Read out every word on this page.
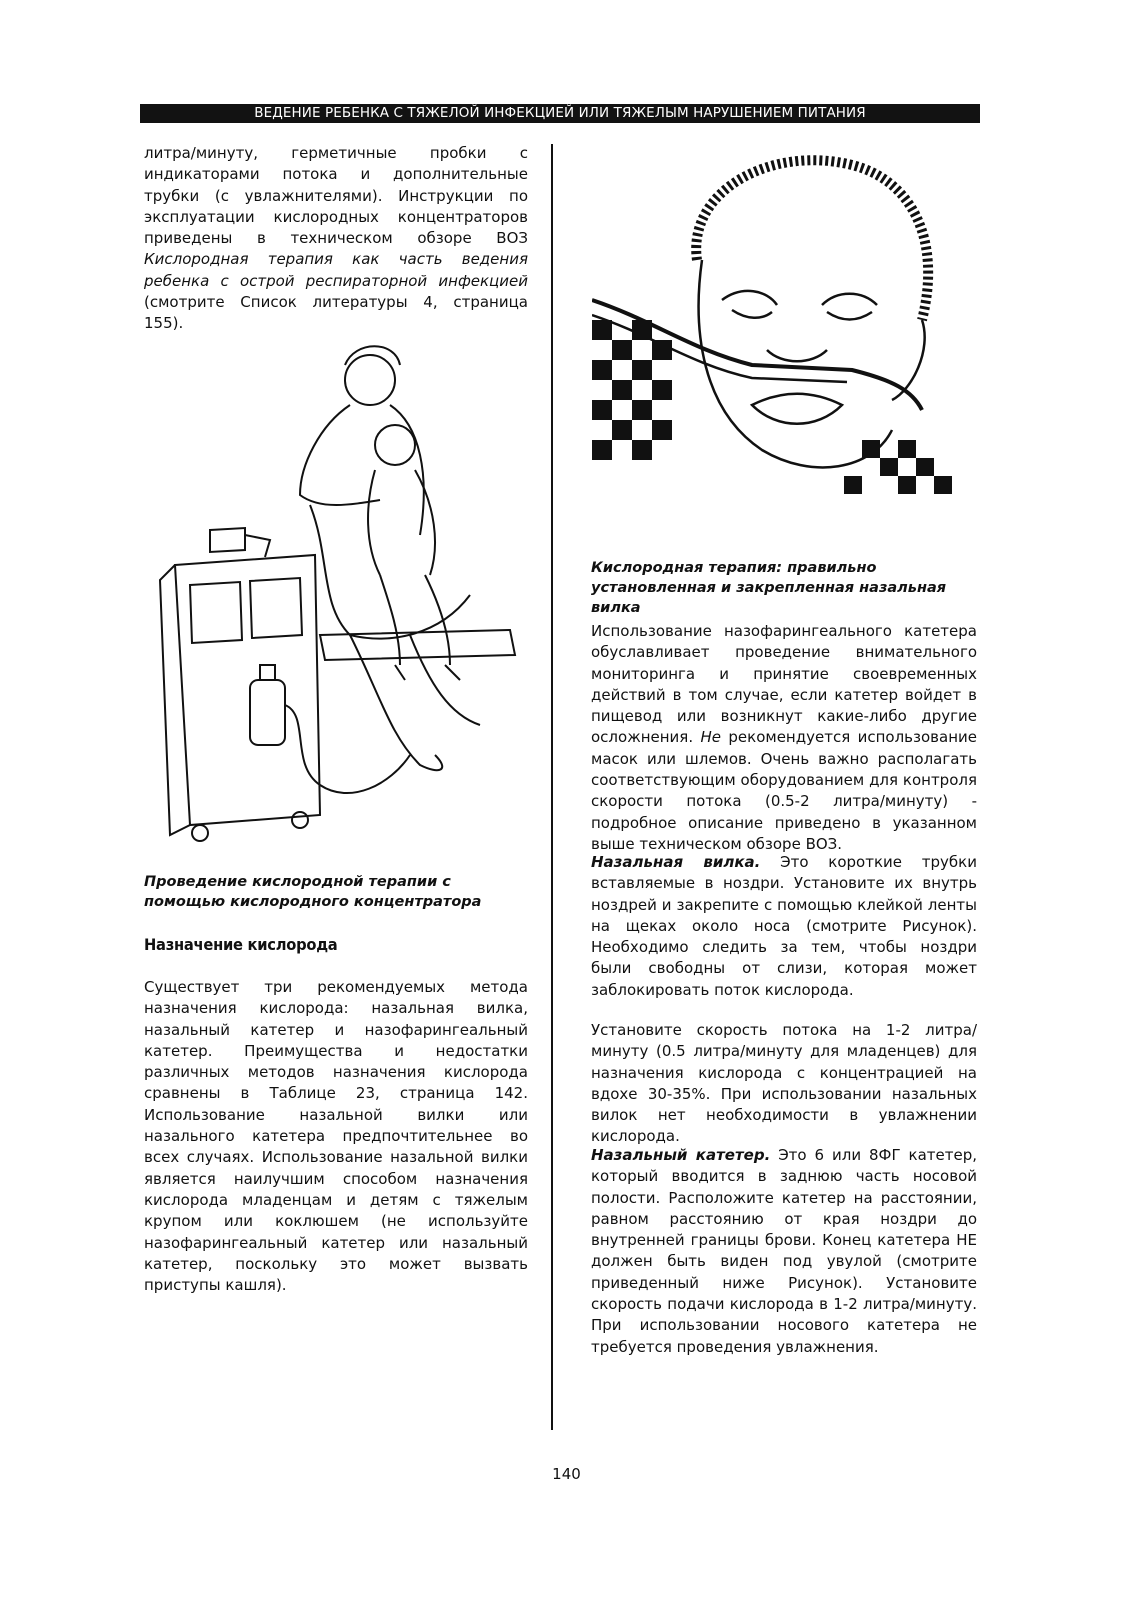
ВЕДЕНИЕ РЕБЕНКА С ТЯЖЕЛОЙ ИНФЕКЦИЕЙ ИЛИ ТЯЖЕЛЫМ НАРУШЕНИЕМ ПИТАНИЯ

литра/минуту, герметичные пробки с индикаторами потока и дополнительные трубки (с увлажнителями). Инструкции по эксплуатации кислородных концентраторов приведены в техническом обзоре ВОЗ Кислородная терапия как часть ведения ребенка с острой респираторной инфекцией (смотрите Список литературы 4, страница 155).

Проведение кислородной терапии с помощью кислородного концентратора
Назначение кислорода

Существует три рекомендуемых метода назначения кислорода: назальная вилка, назальный катетер и назофарингеальный катетер. Преимущества и недостатки различных методов назначения кислорода сравнены в Таблице 23, страница 142. Использование назальной вилки или назального катетера предпочтительнее во всех случаях. Использование назальной вилки является наилучшим способом назначения кислорода младенцам и детям с тяжелым крупом или коклюшем (не используйте назофарингеальный катетер или назальный катетер, поскольку это может вызвать приступы кашля).

Кислородная терапия: правильно установленная и закрепленная назальная вилка

Использование назофарингеального катетера обуславливает проведение внимательного мониторинга и принятие своевременных действий в том случае, если катетер войдет в пищевод или возникнут какие-либо другие осложнения. Не рекомендуется использование масок или шлемов. Очень важно располагать соответствующим оборудованием для контроля скорости потока (0.5-2 литра/минуту) - подробное описание приведено в указанном выше техническом обзоре ВОЗ.

Назальная вилка. Это короткие трубки вставляемые в ноздри. Установите их внутрь ноздрей и закрепите с помощью клейкой ленты на щеках около носа (смотрите Рисунок). Необходимо следить за тем, чтобы ноздри были свободны от слизи, которая может заблокировать поток кислорода.

Установите скорость потока на 1-2 литра/минуту (0.5 литра/минуту для младенцев) для назначения кислорода с концентрацией на вдохе 30-35%. При использовании назальных вилок нет необходимости в увлажнении кислорода.

Назальный катетер. Это 6 или 8ФГ катетер, который вводится в заднюю часть носовой полости. Расположите катетер на расстоянии, равном расстоянию от края ноздри до внутренней границы брови. Конец катетера НЕ должен быть виден под увулой (смотрите приведенный ниже Рисунок). Установите скорость подачи кислорода в 1-2 литра/минуту. При использовании носового катетера не требуется проведения увлажнения.

140
